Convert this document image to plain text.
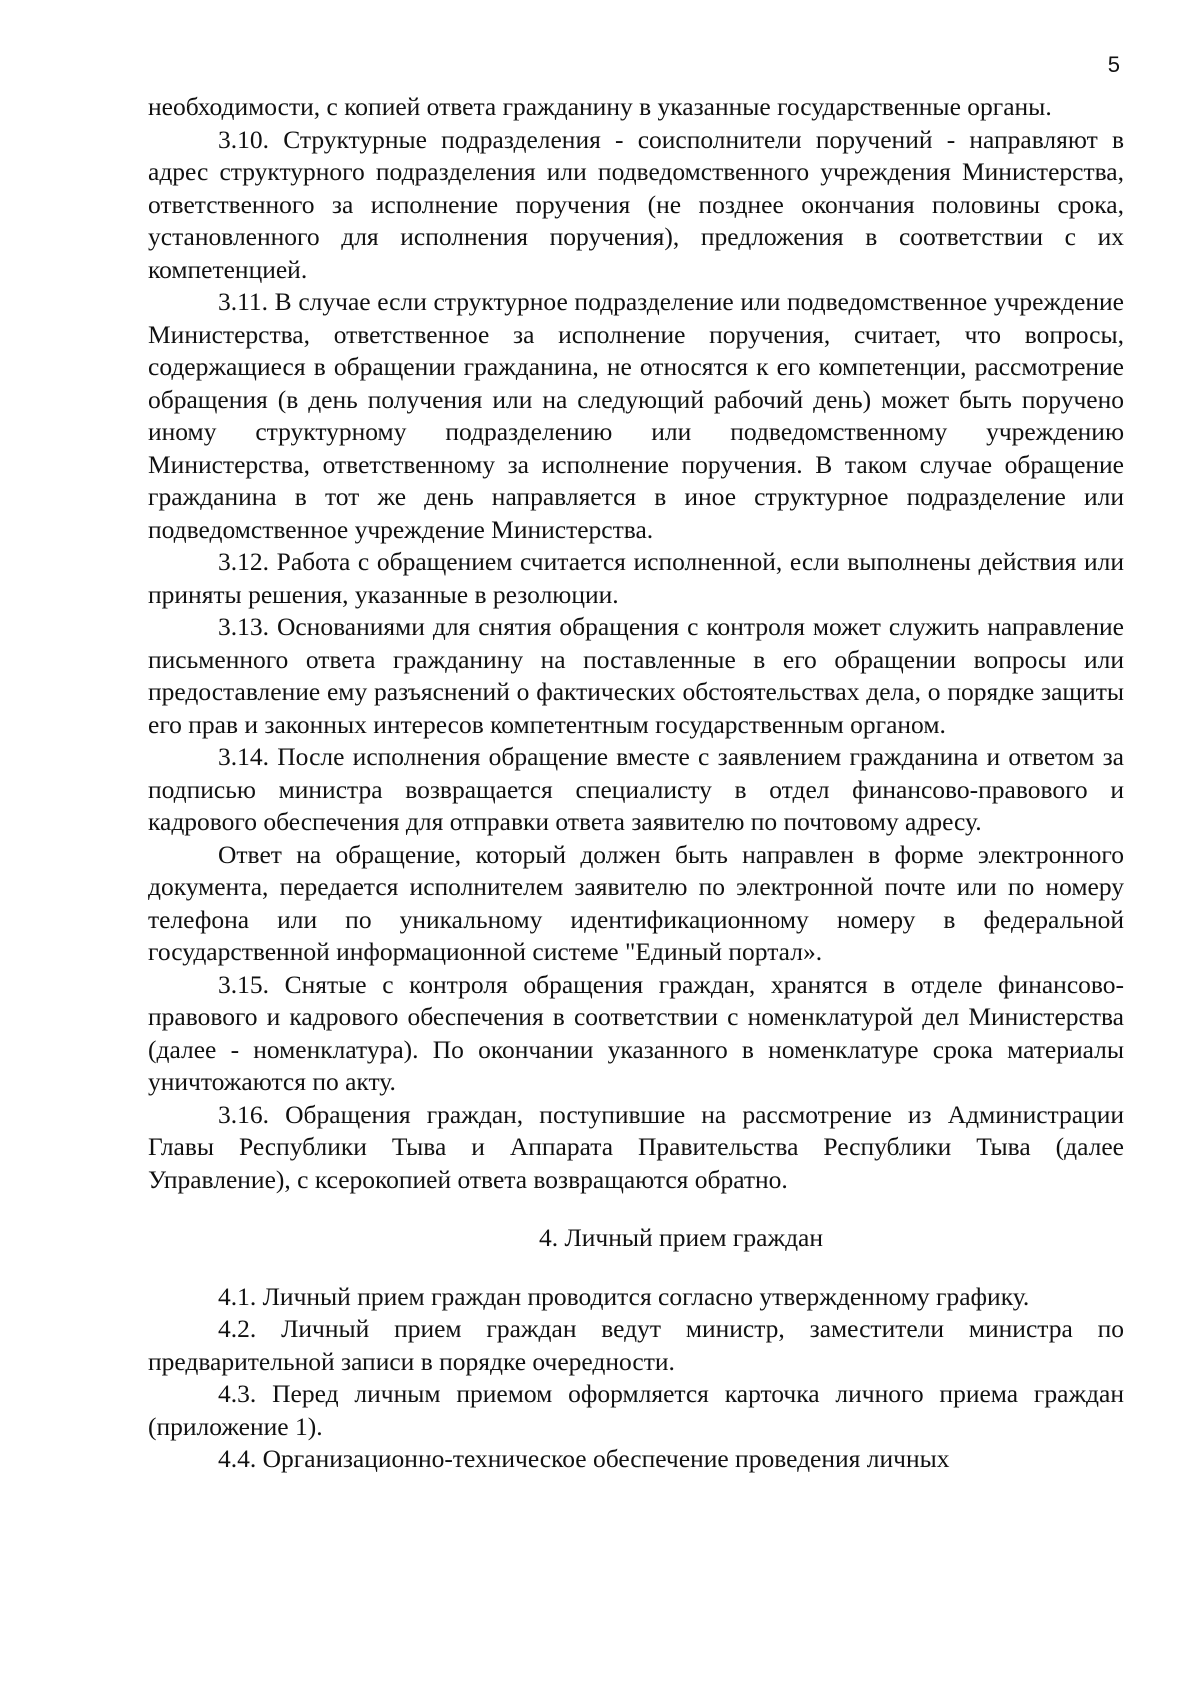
5

необходимости, с копией ответа гражданину в указанные государственные органы.

3.10. Структурные подразделения - соисполнители поручений - направляют в адрес структурного подразделения или подведомственного учреждения Министерства, ответственного за исполнение поручения (не позднее окончания половины срока, установленного для исполнения поручения), предложения в соответствии с их компетенцией.

3.11. В случае если структурное подразделение или подведомственное учреждение Министерства, ответственное за исполнение поручения, считает, что вопросы, содержащиеся в обращении гражданина, не относятся к его компетенции, рассмотрение обращения (в день получения или на следующий рабочий день) может быть поручено иному структурному подразделению или подведомственному учреждению Министерства, ответственному за исполнение поручения. В таком случае обращение гражданина в тот же день направляется в иное структурное подразделение или подведомственное учреждение Министерства.

3.12. Работа с обращением считается исполненной, если выполнены действия или приняты решения, указанные в резолюции.

3.13. Основаниями для снятия обращения с контроля может служить направление письменного ответа гражданину на поставленные в его обращении вопросы или предоставление ему разъяснений о фактических обстоятельствах дела, о порядке защиты его прав и законных интересов компетентным государственным органом.

3.14. После исполнения обращение вместе с заявлением гражданина и ответом за подписью министра возвращается специалисту в отдел финансово-правового и кадрового обеспечения для отправки ответа заявителю по почтовому адресу.

Ответ на обращение, который должен быть направлен в форме электронного документа, передается исполнителем заявителю по электронной почте или по номеру телефона или по уникальному идентификационному номеру в федеральной государственной информационной системе "Единый портал».

3.15. Снятые с контроля обращения граждан, хранятся в отделе финансово-правового и кадрового обеспечения в соответствии с номенклатурой дел Министерства (далее - номенклатура). По окончании указанного в номенклатуре срока материалы уничтожаются по акту.

3.16. Обращения граждан, поступившие на рассмотрение из Администрации Главы Республики Тыва и Аппарата Правительства Республики Тыва (далее Управление), с ксерокопией ответа возвращаются обратно.

4. Личный прием граждан

4.1. Личный прием граждан проводится согласно утвержденному графику.

4.2. Личный прием граждан ведут министр, заместители министра по предварительной записи в порядке очередности.

4.3. Перед личным приемом оформляется карточка личного приема граждан (приложение 1).

4.4. Организационно-техническое обеспечение проведения личных
